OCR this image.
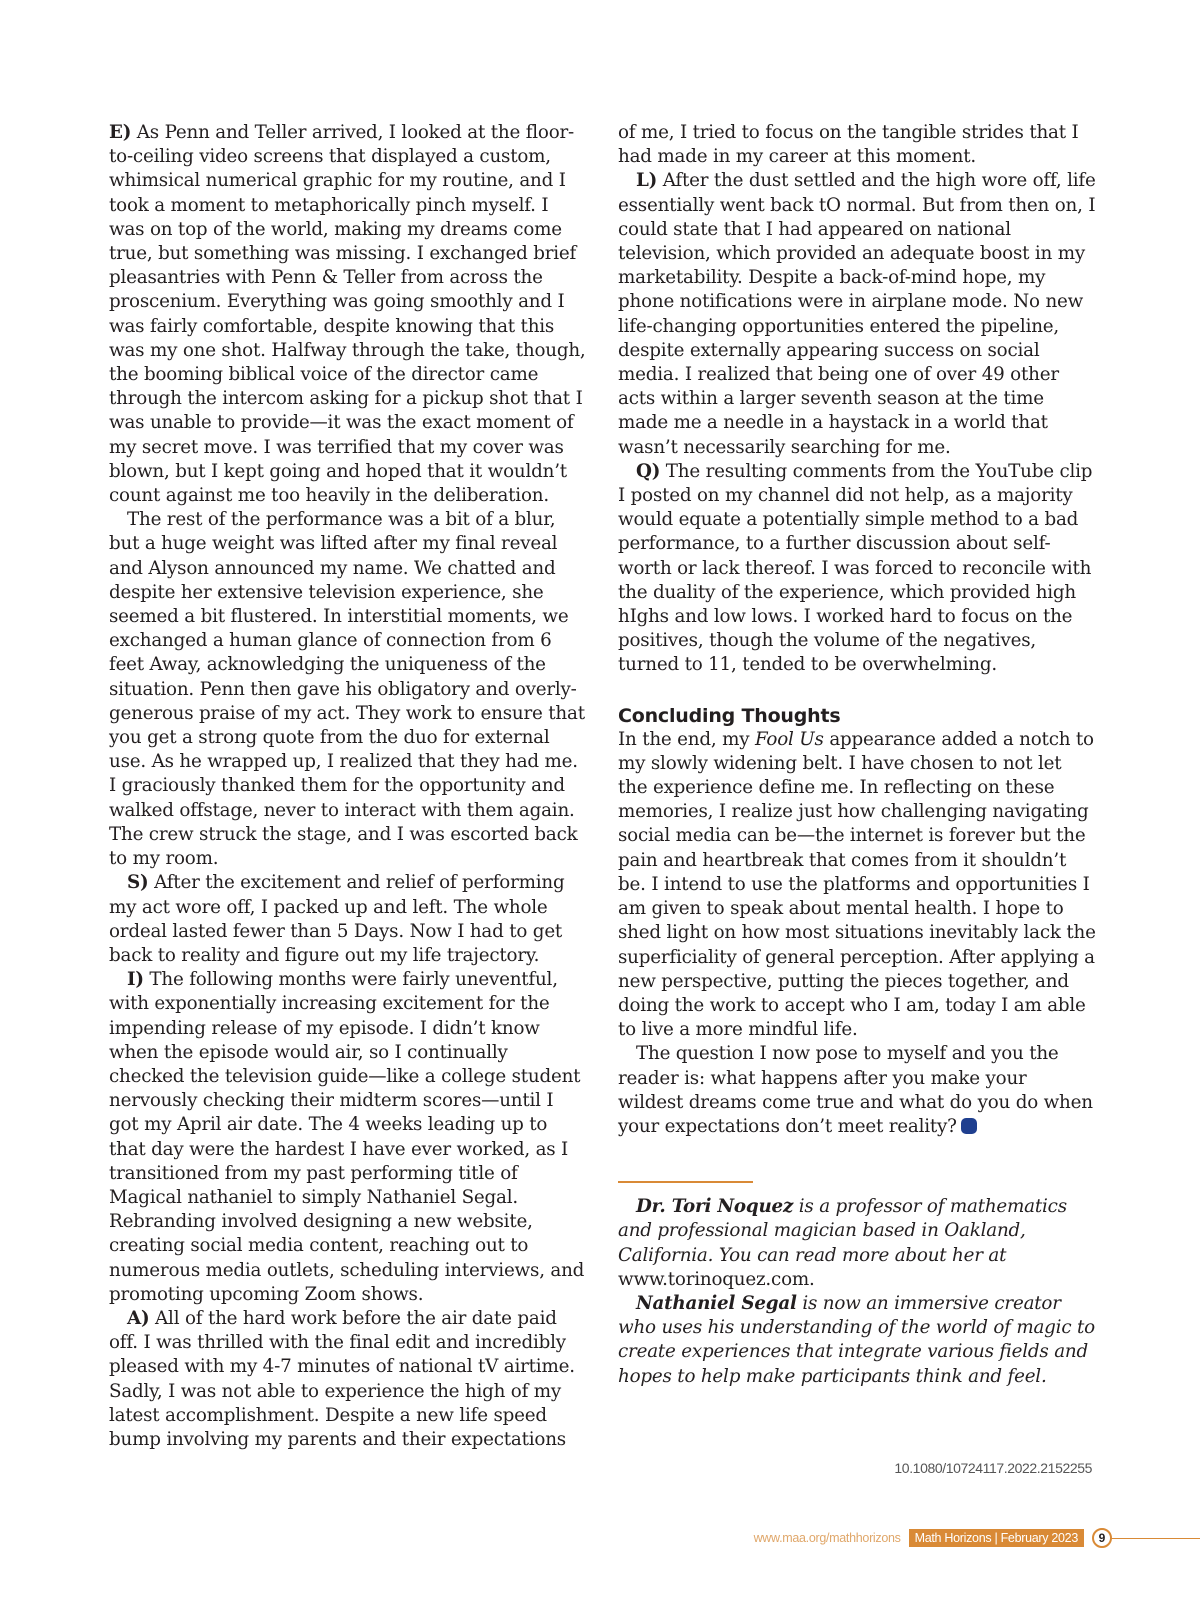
E) As Penn and Teller arrived, I looked at the floor-to-ceiling video screens that displayed a custom, whimsical numerical graphic for my routine, and I took a moment to metaphorically pinch myself. I was on top of the world, making my dreams come true, but something was missing. I exchanged brief pleasantries with Penn & Teller from across the proscenium. Everything was going smoothly and I was fairly comfortable, despite knowing that this was my one shot. Halfway through the take, though, the booming biblical voice of the director came through the intercom asking for a pickup shot that I was unable to provide—it was the exact moment of my secret move. I was terrified that my cover was blown, but I kept going and hoped that it wouldn’t count against me too heavily in the deliberation.

The rest of the performance was a bit of a blur, but a huge weight was lifted after my final reveal and Alyson announced my name. We chatted and despite her extensive television experience, she seemed a bit flustered. In interstitial moments, we exchanged a human glance of connection from 6 feet Away, acknowledging the uniqueness of the situation. Penn then gave his obligatory and overly-generous praise of my act. They work to ensure that you get a strong quote from the duo for external use. As he wrapped up, I realized that they had me. I graciously thanked them for the opportunity and walked offstage, never to interact with them again. The crew struck the stage, and I was escorted back to my room.

S) After the excitement and relief of performing my act wore off, I packed up and left. The whole ordeal lasted fewer than 5 Days. Now I had to get back to reality and figure out my life trajectory.

I) The following months were fairly uneventful, with exponentially increasing excitement for the impending release of my episode. I didn’t know when the episode would air, so I continually checked the television guide—like a college student nervously checking their midterm scores—until I got my April air date. The 4 weeks leading up to that day were the hardest I have ever worked, as I transitioned from my past performing title of Magical nathaniel to simply Nathaniel Segal. Rebranding involved designing a new website, creating social media content, reaching out to numerous media outlets, scheduling interviews, and promoting upcoming Zoom shows.

A) All of the hard work before the air date paid off. I was thrilled with the final edit and incredibly pleased with my 4-7 minutes of national tV airtime. Sadly, I was not able to experience the high of my latest accomplishment. Despite a new life speed bump involving my parents and their expectations

of me, I tried to focus on the tangible strides that I had made in my career at this moment.

L) After the dust settled and the high wore off, life essentially went back tO normal. But from then on, I could state that I had appeared on national television, which provided an adequate boost in my marketability. Despite a back-of-mind hope, my phone notifications were in airplane mode. No new life-changing opportunities entered the pipeline, despite externally appearing success on social media. I realized that being one of over 49 other acts within a larger seventh season at the time made me a needle in a haystack in a world that wasn’t necessarily searching for me.

Q) The resulting comments from the YouTube clip I posted on my channel did not help, as a majority would equate a potentially simple method to a bad performance, to a further discussion about self-worth or lack thereof. I was forced to reconcile with the duality of the experience, which provided high hIghs and low lows. I worked hard to focus on the positives, though the volume of the negatives, turned to 11, tended to be overwhelming.

Concluding Thoughts

In the end, my Fool Us appearance added a notch to my slowly widening belt. I have chosen to not let the experience define me. In reflecting on these memories, I realize just how challenging navigating social media can be—the internet is forever but the pain and heartbreak that comes from it shouldn’t be. I intend to use the platforms and opportunities I am given to speak about mental health. I hope to shed light on how most situations inevitably lack the superficiality of general perception. After applying a new perspective, putting the pieces together, and doing the work to accept who I am, today I am able to live a more mindful life.

The question I now pose to myself and you the reader is: what happens after you make your wildest dreams come true and what do you do when your expectations don’t meet reality?

Dr. Tori Noquez is a professor of mathematics and professional magician based in Oakland, California. You can read more about her at www.torinoquez.com.

Nathaniel Segal is now an immersive creator who uses his understanding of the world of magic to create experiences that integrate various fields and hopes to help make participants think and feel.

10.1080/10724117.2022.2152255
www.maa.org/mathhorizons	Math Horizons | February 2023	9
